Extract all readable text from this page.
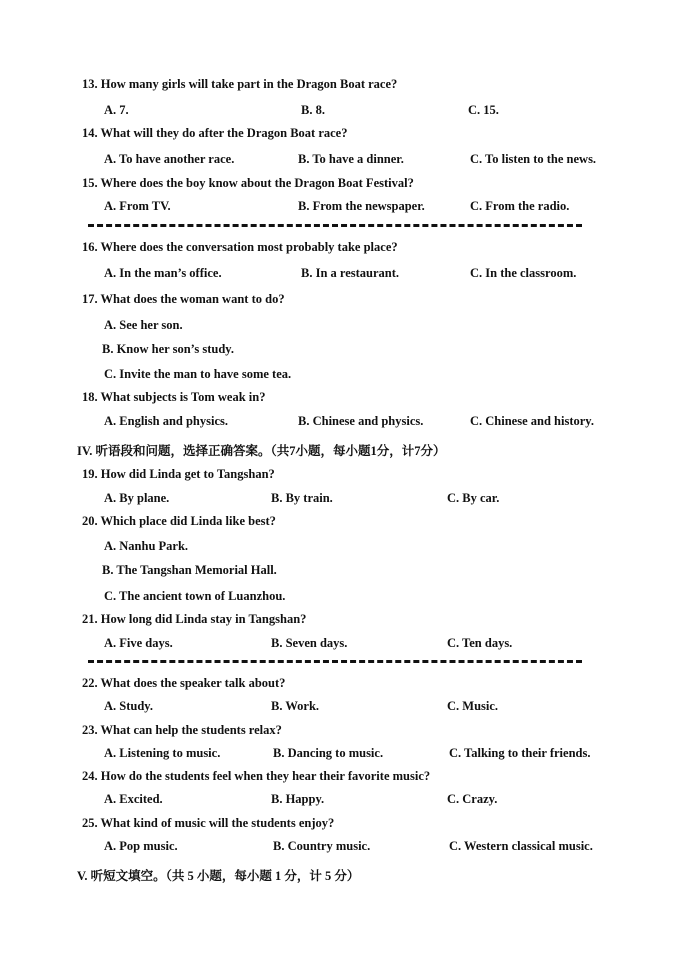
13. How many girls will take part in the Dragon Boat race?
A. 7.	B. 8.	C. 15.
14. What will they do after the Dragon Boat race?
A. To have another race.	B. To have a dinner.	C. To listen to the news.
15. Where does the boy know about the Dragon Boat Festival?
A. From TV.	B. From the newspaper.	C. From the radio.
16. Where does the conversation most probably take place?
A. In the man’s office.	B. In a restaurant.	C. In the classroom.
17. What does the woman want to do?
A. See her son.
B. Know her son’s study.
C. Invite the man to have some tea.
18. What subjects is Tom weak in?
A. English and physics.	B. Chinese and physics.	C. Chinese and history.
IV. 听语段和问题，选择正确答案。（共7小题，每小题1分，计7分）
19. How did Linda get to Tangshan?
A. By plane.	B. By train.	C. By car.
20. Which place did Linda like best?
A. Nanhu Park.
B. The Tangshan Memorial Hall.
C. The ancient town of Luanzhou.
21. How long did Linda stay in Tangshan?
A. Five days.	B. Seven days.	C. Ten days.
22. What does the speaker talk about?
A. Study.	B. Work.	C. Music.
23. What can help the students relax?
A. Listening to music.	B. Dancing to music.	C. Talking to their friends.
24. How do the students feel when they hear their favorite music?
A. Excited.	B. Happy.	C. Crazy.
25. What kind of music will the students enjoy?
A. Pop music.	B. Country music.	C. Western classical music.
V. 听短文填空。（共 5 小题，每小题 1 分，计 5 分）
